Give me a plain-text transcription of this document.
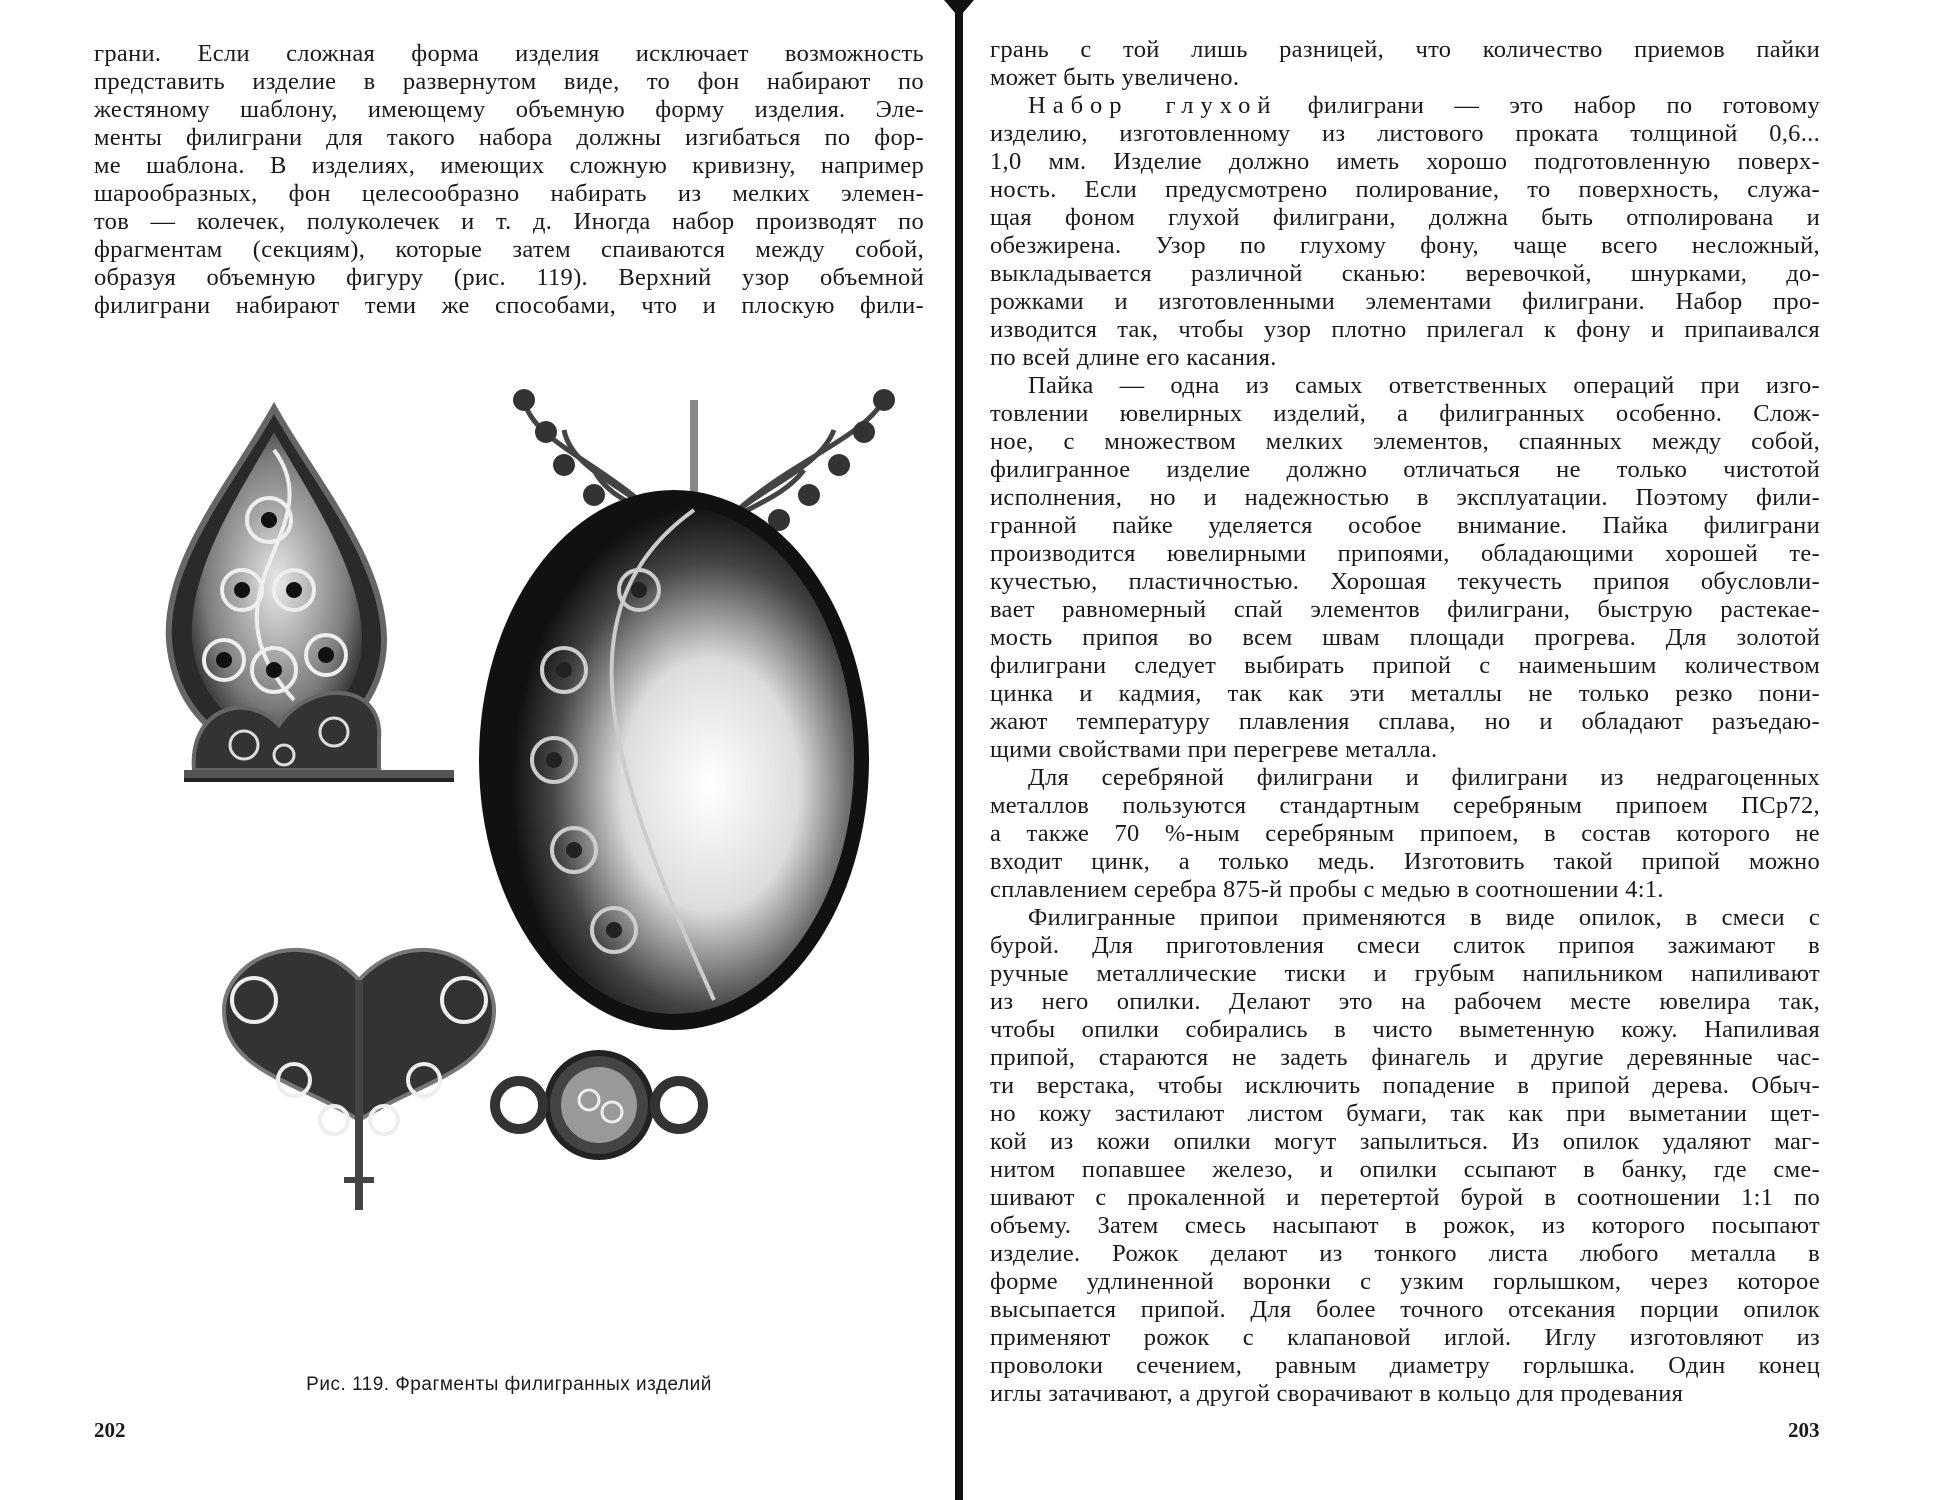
грани. Если сложная форма изделия исключает возможность
представить изделие в развернутом виде, то фон набирают по
жестяному шаблону, имеющему объемную форму изделия. Эле-
менты филиграни для такого набора должны изгибаться по фор-
ме шаблона. В изделиях, имеющих сложную кривизну, например
шарообразных, фон целесообразно набирать из мелких элемен-
тов — колечек, полуколечек и т. д. Иногда набор производят по
фрагментам (секциям), которые затем спаиваются между собой,
образуя объемную фигуру (рис. 119). Верхний узор объемной
филиграни набирают теми же способами, что и плоскую фили-
Рис. 119. Фрагменты филигранных изделий
202
грань с той лишь разницей, что количество приемов пайки
может быть увеличено.
Набор глухой филиграни — это набор по готовому
изделию, изготовленному из листового проката толщиной 0,6...
1,0 мм. Изделие должно иметь хорошо подготовленную поверх-
ность. Если предусмотрено полирование, то поверхность, служа-
щая фоном глухой филиграни, должна быть отполирована и
обезжирена. Узор по глухому фону, чаще всего несложный,
выкладывается различной сканью: веревочкой, шнурками, до-
рожками и изготовленными элементами филиграни. Набор про-
изводится так, чтобы узор плотно прилегал к фону и припаивался
по всей длине его касания.
Пайка — одна из самых ответственных операций при изго-
товлении ювелирных изделий, а филигранных особенно. Слож-
ное, с множеством мелких элементов, спаянных между собой,
филигранное изделие должно отличаться не только чистотой
исполнения, но и надежностью в эксплуатации. Поэтому фили-
гранной пайке уделяется особое внимание. Пайка филиграни
производится ювелирными припоями, обладающими хорошей те-
кучестью, пластичностью. Хорошая текучесть припоя обусловли-
вает равномерный спай элементов филиграни, быструю растекае-
мость припоя во всем швам площади прогрева. Для золотой
филиграни следует выбирать припой с наименьшим количеством
цинка и кадмия, так как эти металлы не только резко пони-
жают температуру плавления сплава, но и обладают разъедаю-
щими свойствами при перегреве металла.
Для серебряной филиграни и филиграни из недрагоценных
металлов пользуются стандартным серебряным припоем ПСр72,
а также 70 %-ным серебряным припоем, в состав которого не
входит цинк, а только медь. Изготовить такой припой можно
сплавлением серебра 875-й пробы с медью в соотношении 4:1.
Филигранные припои применяются в виде опилок, в смеси с
бурой. Для приготовления смеси слиток припоя зажимают в
ручные металлические тиски и грубым напильником напиливают
из него опилки. Делают это на рабочем месте ювелира так,
чтобы опилки собирались в чисто выметенную кожу. Напиливая
припой, стараются не задеть финагель и другие деревянные час-
ти верстака, чтобы исключить попадение в припой дерева. Обыч-
но кожу застилают листом бумаги, так как при выметании щет-
кой из кожи опилки могут запылиться. Из опилок удаляют маг-
нитом попавшее железо, и опилки ссыпают в банку, где сме-
шивают с прокаленной и перетертой бурой в соотношении 1:1 по
объему. Затем смесь насыпают в рожок, из которого посыпают
изделие. Рожок делают из тонкого листа любого металла в
форме удлиненной воронки с узким горлышком, через которое
высыпается припой. Для более точного отсекания порции опилок
применяют рожок с клапановой иглой. Иглу изготовляют из
проволоки сечением, равным диаметру горлышка. Один конец
иглы затачивают, а другой сворачивают в кольцо для продевания
203
